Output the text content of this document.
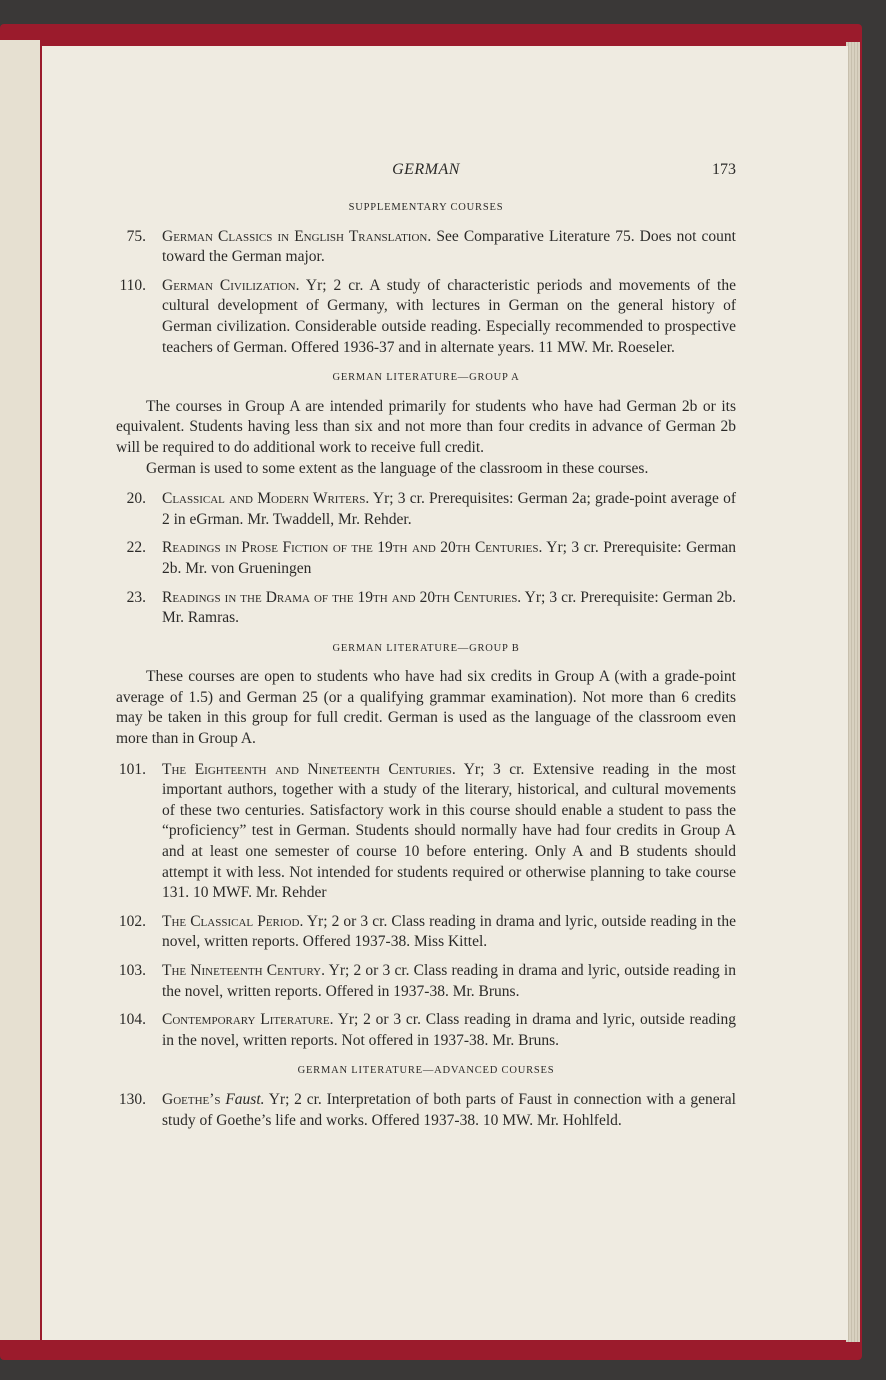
GERMAN	173
SUPPLEMENTARY COURSES
75.	German Classics in English Translation. See Comparative Literature 75. Does not count toward the German major.
110.	German Civilization. Yr; 2 cr. A study of characteristic periods and movements of the cultural development of Germany, with lectures in German on the general history of German civilization. Considerable outside reading. Especially recommended to prospective teachers of German. Offered 1936-37 and in alternate years. 11 MW. Mr. Roeseler.
GERMAN LITERATURE—GROUP A

The courses in Group A are intended primarily for students who have had German 2b or its equivalent. Students having less than six and not more than four credits in advance of German 2b will be required to do additional work to receive full credit.

German is used to some extent as the language of the classroom in these courses.

20.	Classical and Modern Writers. Yr; 3 cr. Prerequisites: German 2a; grade-point average of 2 in eGrman. Mr. Twaddell, Mr. Rehder.
22.	Readings in Prose Fiction of the 19th and 20th Centuries. Yr; 3 cr. Prerequisite: German 2b. Mr. von Grueningen
23.	Readings in the Drama of the 19th and 20th Centuries. Yr; 3 cr. Prerequisite: German 2b. Mr. Ramras.
GERMAN LITERATURE—GROUP B

These courses are open to students who have had six credits in Group A (with a grade-point average of 1.5) and German 25 (or a qualifying grammar examination). Not more than 6 credits may be taken in this group for full credit. German is used as the language of the classroom even more than in Group A.

101.	The Eighteenth and Nineteenth Centuries. Yr; 3 cr. Extensive reading in the most important authors, together with a study of the literary, historical, and cultural movements of these two centuries. Satisfactory work in this course should enable a student to pass the “proficiency” test in German. Students should normally have had four credits in Group A and at least one semester of course 10 before entering. Only A and B students should attempt it with less. Not intended for students required or otherwise planning to take course 131. 10 MWF. Mr. Rehder
102.	The Classical Period. Yr; 2 or 3 cr. Class reading in drama and lyric, outside reading in the novel, written reports. Offered 1937-38. Miss Kittel.
103.	The Nineteenth Century. Yr; 2 or 3 cr. Class reading in drama and lyric, outside reading in the novel, written reports. Offered in 1937-38. Mr. Bruns.
104.	Contemporary Literature. Yr; 2 or 3 cr. Class reading in drama and lyric, outside reading in the novel, written reports. Not offered in 1937-38. Mr. Bruns.
GERMAN LITERATURE—ADVANCED COURSES
130.	Goethe’s Faust. Yr; 2 cr. Interpretation of both parts of Faust in connection with a general study of Goethe’s life and works. Offered 1937-38. 10 MW. Mr. Hohlfeld.
